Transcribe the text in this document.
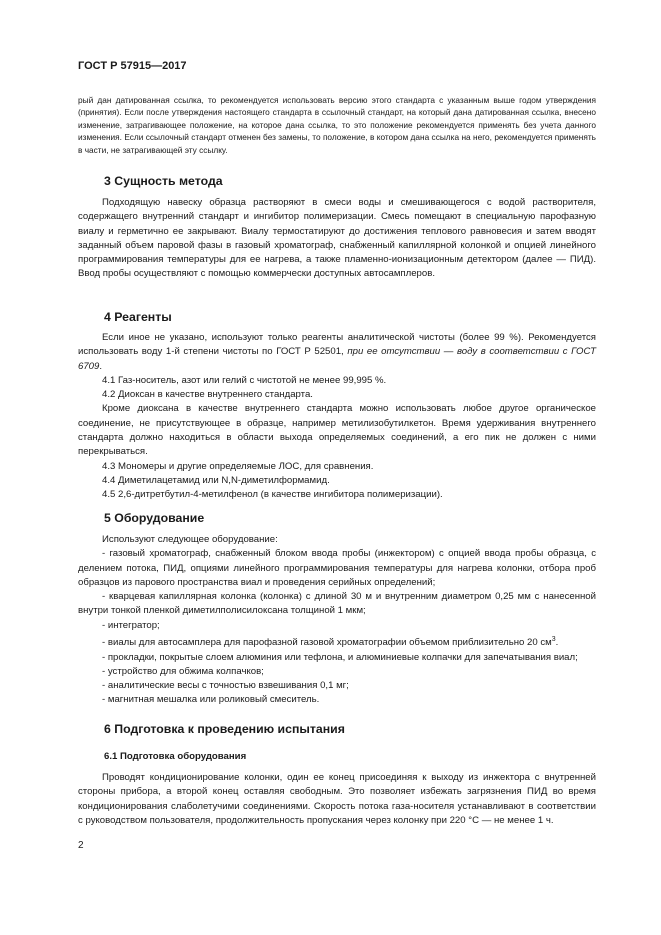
ГОСТ Р 57915—2017

рый дан датированная ссылка, то рекомендуется использовать версию этого стандарта с указанным выше годом утверждения (принятия). Если после утверждения настоящего стандарта в ссылочный стандарт, на который дана датированная ссылка, внесено изменение, затрагивающее положение, на которое дана ссылка, то это положение рекомендуется применять без учета данного изменения. Если ссылочный стандарт отменен без замены, то положение, в котором дана ссылка на него, рекомендуется применять в части, не затрагивающей эту ссылку.

3 Сущность метода

Подходящую навеску образца растворяют в смеси воды и смешивающегося с водой растворителя, содержащего внутренний стандарт и ингибитор полимеризации. Смесь помещают в специальную парофазную виалу и герметично ее закрывают. Виалу термостатируют до достижения теплового равновесия и затем вводят заданный объем паровой фазы в газовый хроматограф, снабженный капиллярной колонкой и опцией линейного программирования температуры для ее нагрева, а также пламенно-ионизационным детектором (далее — ПИД). Ввод пробы осуществляют с помощью коммерчески доступных автосамплеров.

4 Реагенты

Если иное не указано, используют только реагенты аналитической чистоты (более 99 %). Рекомендуется использовать воду 1-й степени чистоты по ГОСТ Р 52501, при ее отсутствии — воду в соответствии с ГОСТ 6709.

4.1 Газ-носитель, азот или гелий с чистотой не менее 99,995 %.

4.2 Диоксан в качестве внутреннего стандарта.

Кроме диоксана в качестве внутреннего стандарта можно использовать любое другое органическое соединение, не присутствующее в образце, например метилизобутилкетон. Время удерживания внутреннего стандарта должно находиться в области выхода определяемых соединений, а его пик не должен с ними перекрываться.

4.3 Мономеры и другие определяемые ЛОС, для сравнения.

4.4 Диметилацетамид или N,N-диметилформамид.

4.5 2,6-дитретбутил-4-метилфенол (в качестве ингибитора полимеризации).

5 Оборудование

Используют следующее оборудование:

- газовый хроматограф, снабженный блоком ввода пробы (инжектором) с опцией ввода пробы образца, с делением потока, ПИД, опциями линейного программирования температуры для нагрева колонки, отбора проб образцов из парового пространства виал и проведения серийных определений;

- кварцевая капиллярная колонка (колонка) с длиной 30 м и внутренним диаметром 0,25 мм с нанесенной внутри тонкой пленкой диметилполисилоксана толщиной 1 мкм;

- интегратор;

- виалы для автосамплера для парофазной газовой хроматографии объемом приблизительно 20 $см^3$.

- прокладки, покрытые слоем алюминия или тефлона, и алюминиевые колпачки для запечатывания виал;

- устройство для обжима колпачков;

- аналитические весы с точностью взвешивания 0,1 мг;

- магнитная мешалка или роликовый смеситель.

6 Подготовка к проведению испытания
6.1 Подготовка оборудования

Проводят кондиционирование колонки, один ее конец присоединяя к выходу из инжектора с внутренней стороны прибора, а второй конец оставляя свободным. Это позволяет избежать загрязнения ПИД во время кондиционирования слаболетучими соединениями. Скорость потока газа-носителя устанавливают в соответствии с руководством пользователя, продолжительность пропускания через колонку при 220 °С — не менее 1 ч.

2
